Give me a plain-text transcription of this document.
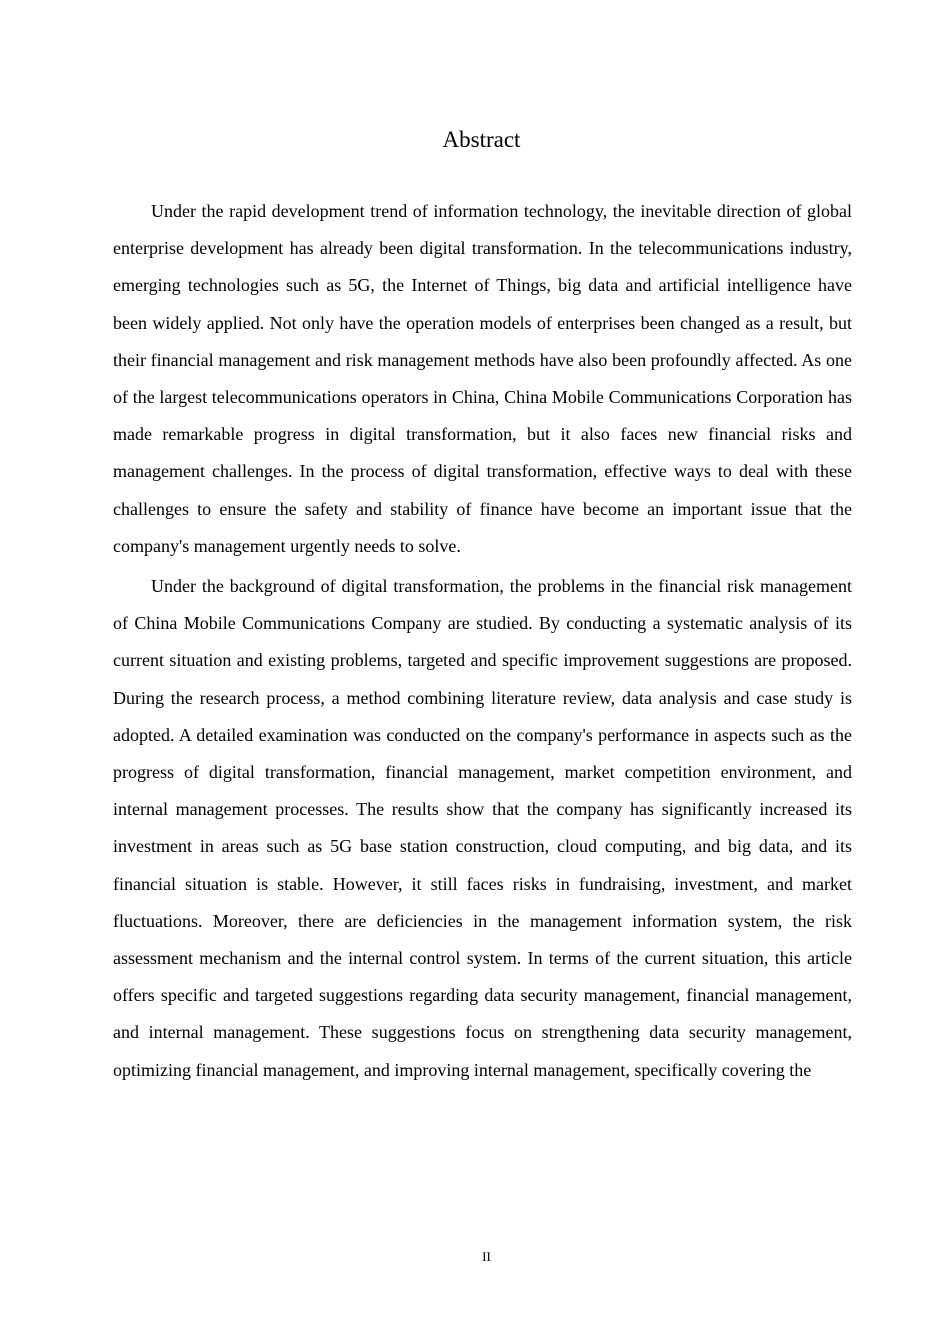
Abstract

Under the rapid development trend of information technology, the inevitable direction of global enterprise development has already been digital transformation. In the telecommunications industry, emerging technologies such as 5G, the Internet of Things, big data and artificial intelligence have been widely applied. Not only have the operation models of enterprises been changed as a result, but their financial management and risk management methods have also been profoundly affected. As one of the largest telecommunications operators in China, China Mobile Communications Corporation has made remarkable progress in digital transformation, but it also faces new financial risks and management challenges. In the process of digital transformation, effective ways to deal with these challenges to ensure the safety and stability of finance have become an important issue that the company's management urgently needs to solve.

Under the background of digital transformation, the problems in the financial risk management of China Mobile Communications Company are studied. By conducting a systematic analysis of its current situation and existing problems, targeted and specific improvement suggestions are proposed. During the research process, a method combining literature review, data analysis and case study is adopted. A detailed examination was conducted on the company's performance in aspects such as the progress of digital transformation, financial management, market competition environment, and internal management processes. The results show that the company has significantly increased its investment in areas such as 5G base station construction, cloud computing, and big data, and its financial situation is stable. However, it still faces risks in fundraising, investment, and market fluctuations. Moreover, there are deficiencies in the management information system, the risk assessment mechanism and the internal control system. In terms of the current situation, this article offers specific and targeted suggestions regarding data security management, financial management, and internal management. These suggestions focus on strengthening data security management, optimizing financial management, and improving internal management, specifically covering the

II
